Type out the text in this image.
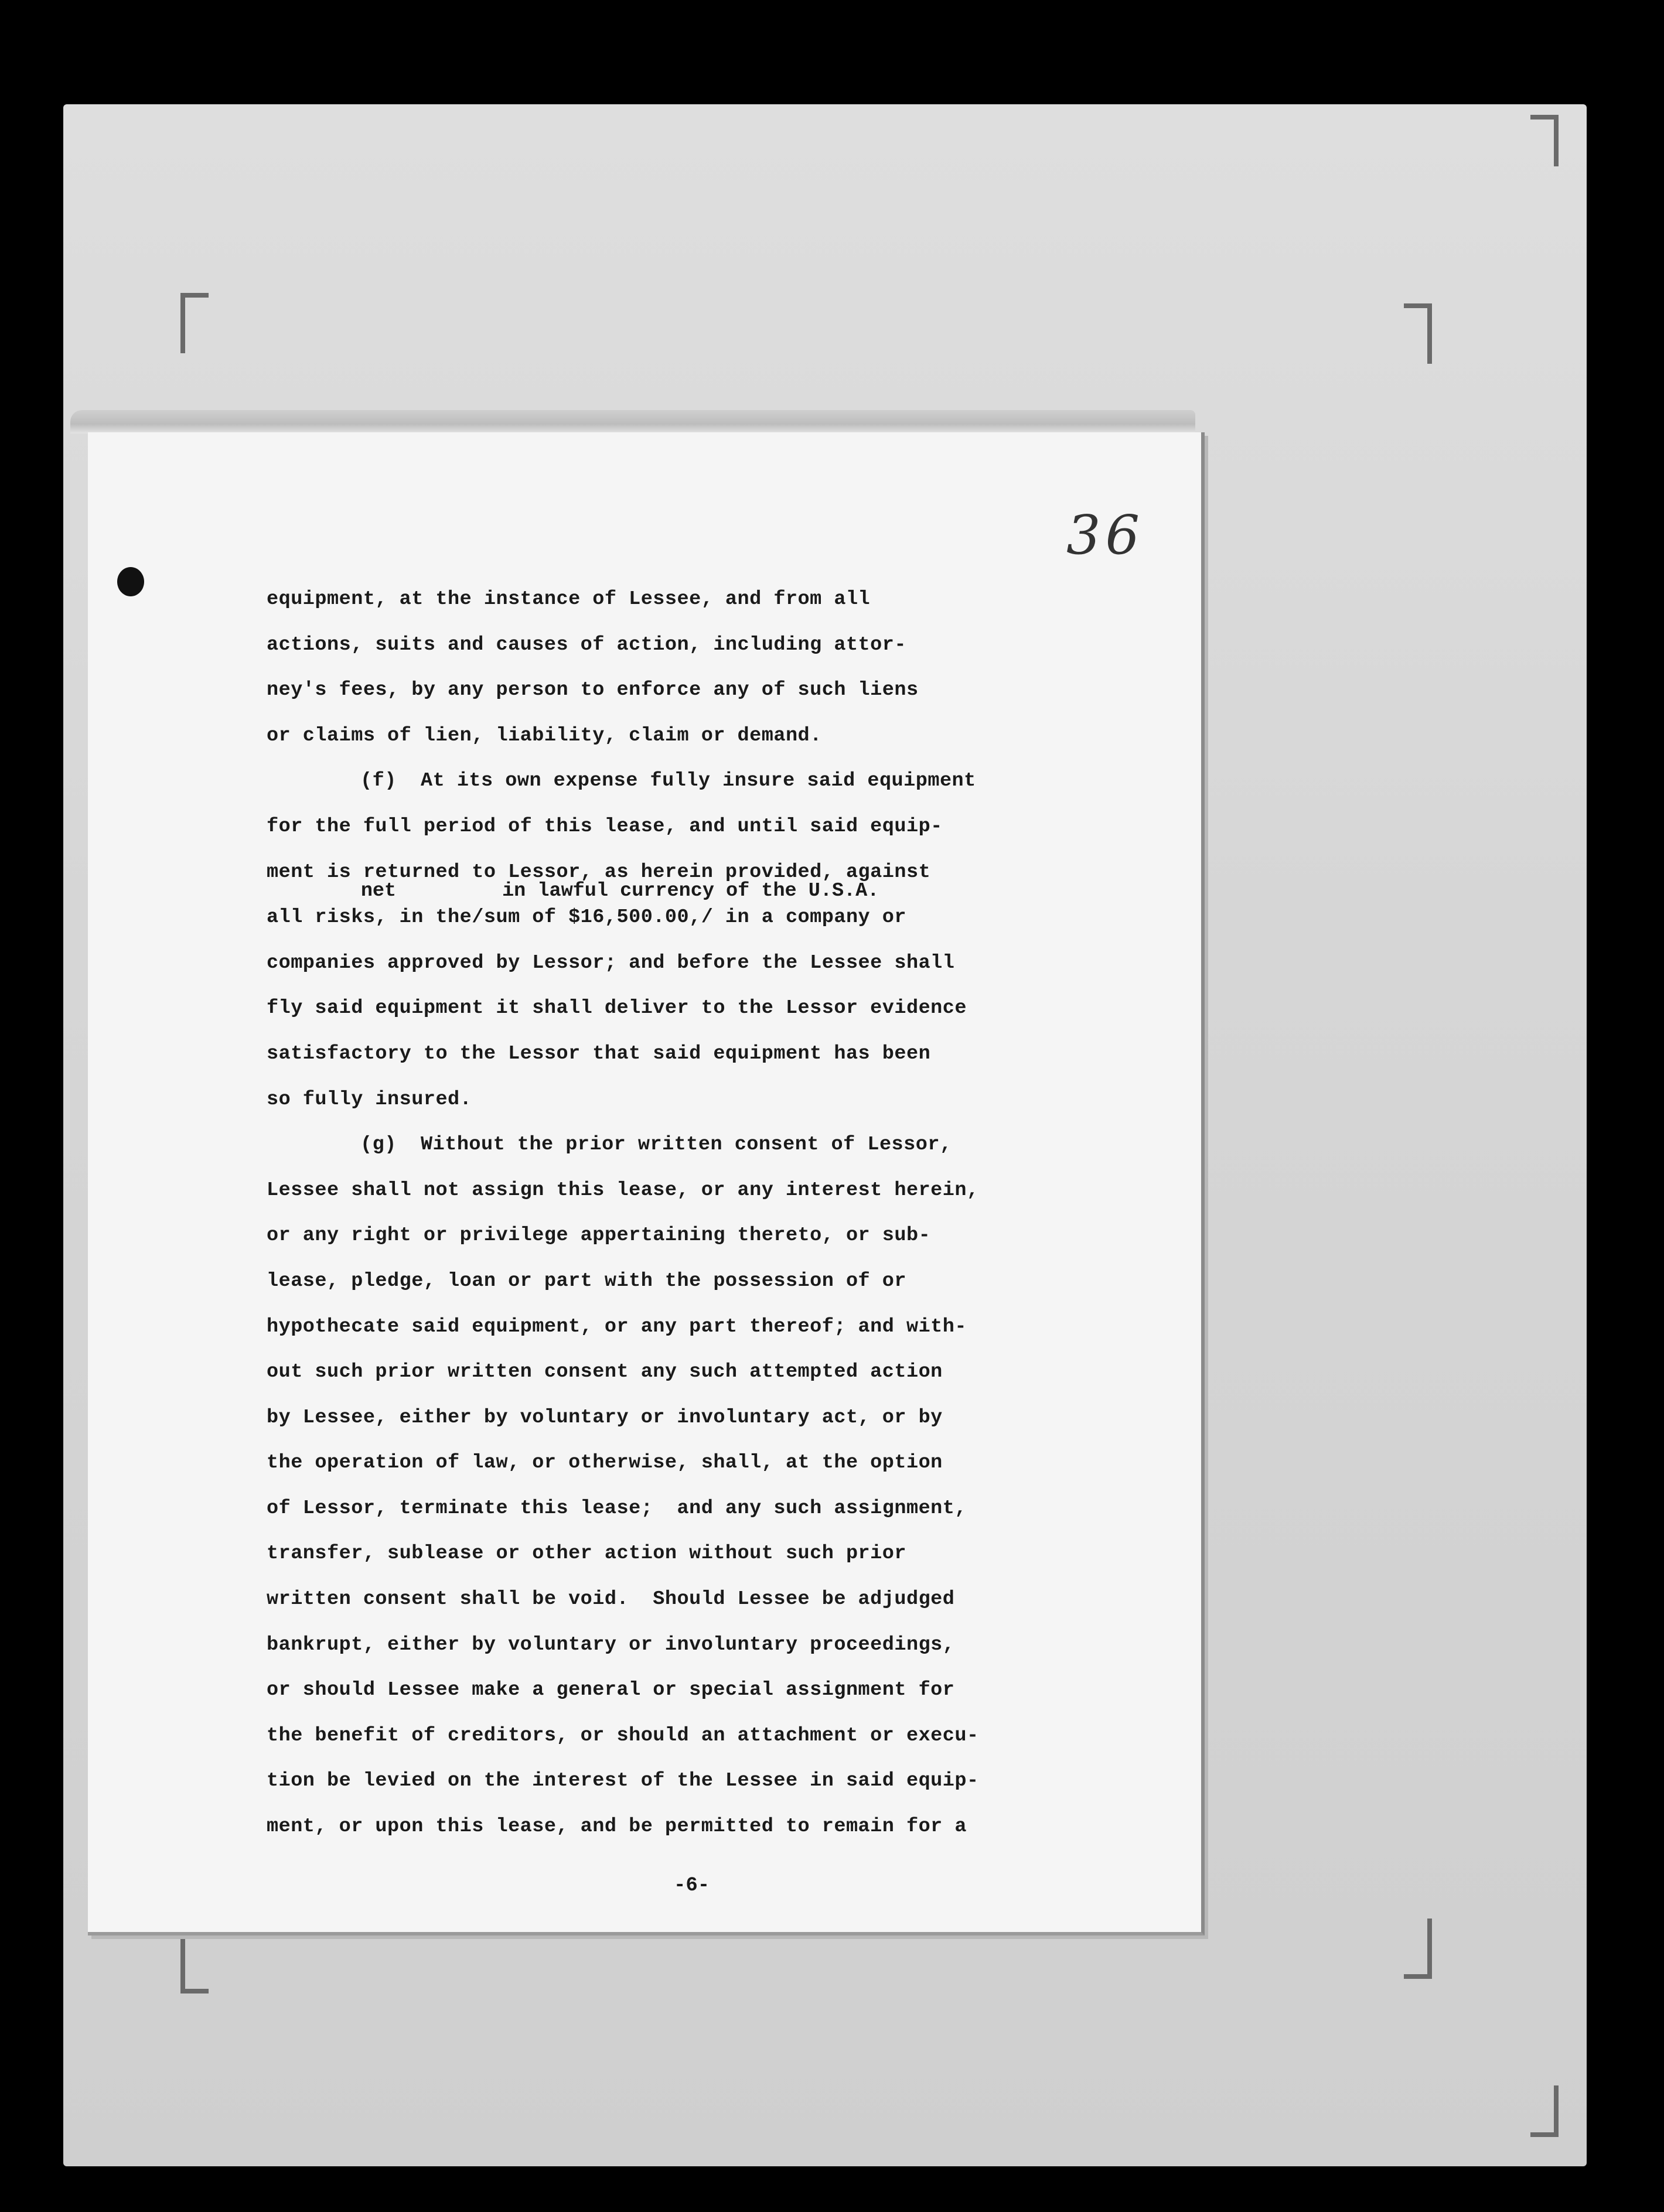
36
net         in lawful currency of the U.S.A.
equipment, at the instance of Lessee, and from all
actions, suits and causes of action, including attor-
ney's fees, by any person to enforce any of such liens
or claims of lien, liability, claim or demand.
(f)  At its own expense fully insure said equipment
for the full period of this lease, and until said equip-
ment is returned to Lessor, as herein provided, against
all risks, in the/sum of $16,500.00,/ in a company or
companies approved by Lessor; and before the Lessee shall
fly said equipment it shall deliver to the Lessor evidence
satisfactory to the Lessor that said equipment has been
so fully insured.
(g)  Without the prior written consent of Lessor,
Lessee shall not assign this lease, or any interest herein,
or any right or privilege appertaining thereto, or sub-
lease, pledge, loan or part with the possession of or
hypothecate said equipment, or any part thereof; and with-
out such prior written consent any such attempted action
by Lessee, either by voluntary or involuntary act, or by
the operation of law, or otherwise, shall, at the option
of Lessor, terminate this lease;  and any such assignment,
transfer, sublease or other action without such prior
written consent shall be void.  Should Lessee be adjudged
bankrupt, either by voluntary or involuntary proceedings,
or should Lessee make a general or special assignment for
the benefit of creditors, or should an attachment or execu-
tion be levied on the interest of the Lessee in said equip-
ment, or upon this lease, and be permitted to remain for a
-6-
